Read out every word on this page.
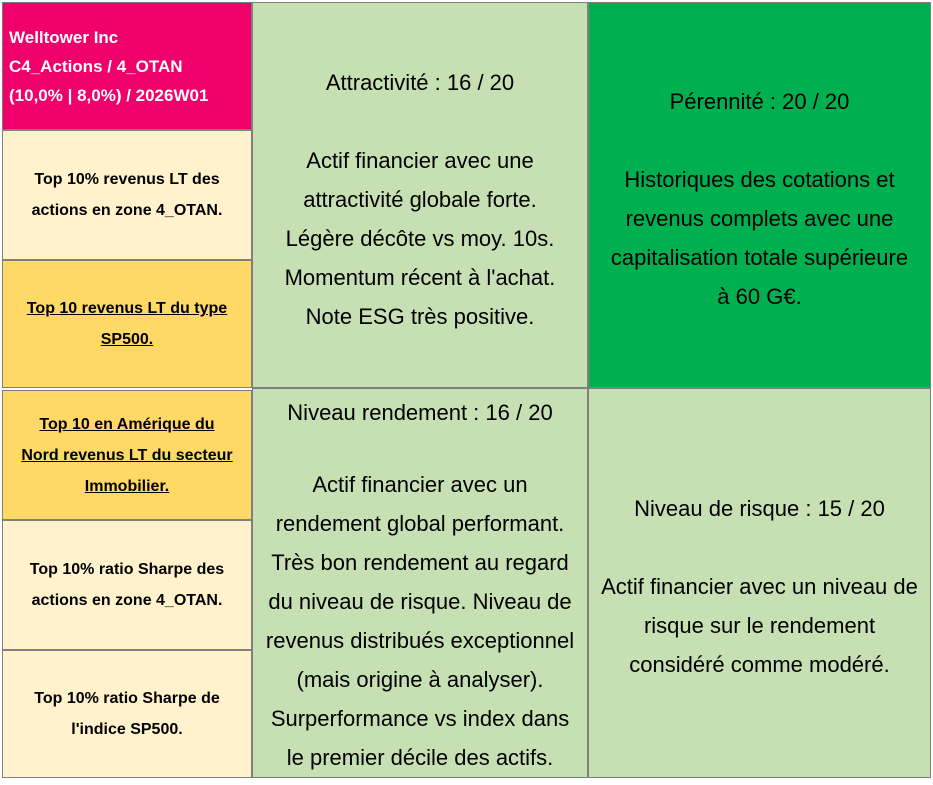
Welltower Inc

C4_Actions / 4_OTAN

(10,0% | 8,0%) / 2026W01

Top 10% revenus LT des

actions en zone 4_OTAN.

Top 10 revenus LT du type

SP500.

Top 10 en Amérique du

Nord revenus LT du secteur

Immobilier.

Top 10% ratio Sharpe des

actions en zone 4_OTAN.

Top 10% ratio Sharpe de

l'indice SP500.

Attractivité : 16 / 20

Actif financier avec une

attractivité globale forte.

Légère décôte vs moy. 10s.

Momentum récent à l'achat.

Note ESG très positive.

Pérennité : 20 / 20

Historiques des cotations et

revenus complets avec une

capitalisation totale supérieure

à 60 G€.

Niveau rendement : 16 / 20

Actif financier avec un

rendement global performant.

Très bon rendement au regard

du niveau de risque. Niveau de

revenus distribués exceptionnel

(mais origine à analyser).

Surperformance vs index dans

le premier décile des actifs.

Niveau de risque : 15 / 20

Actif financier avec un niveau de

risque sur le rendement

considéré comme modéré.
